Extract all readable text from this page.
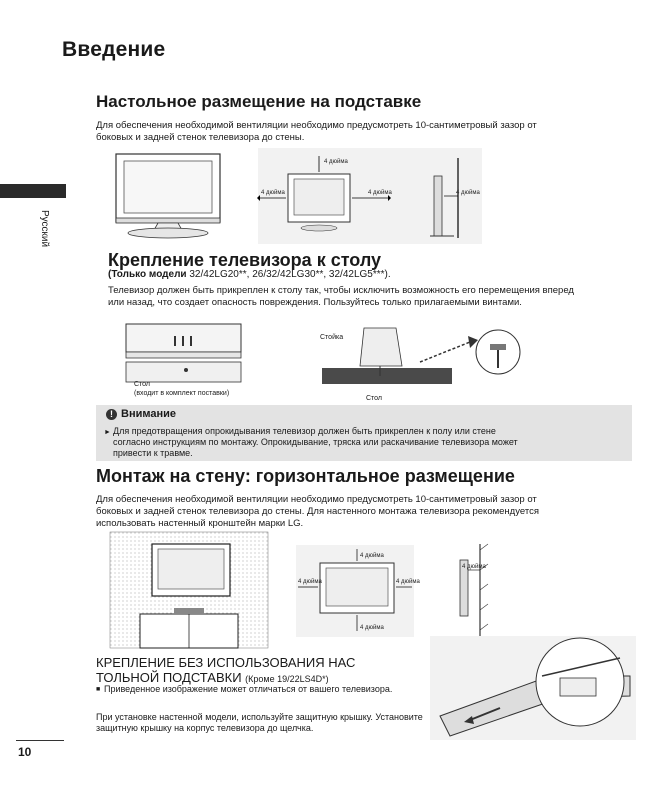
Введение
Русский
Настольное размещение на подставке
Для обеспечения необходимой вентиляции необходимо предусмотреть 10-сантиметровый зазор от боковых и задней стенок телевизора до стены.
4 дюйма
4 дюйма	4 дюйма	4 дюйма
Крепление телевизора к столу
(Только модели 32/42LG20**, 26/32/42LG30**, 32/42LG5***).
Телевизор должен быть прикреплен к столу так, чтобы исключить возможность его перемещения вперед или назад, что создает опасность повреждения. Пользуйтесь только прилагаемыми винтами.
Стол
(входит в комплект поставки)
Стойка
Стол
! Внимание
► Для предотвращения опрокидывания телевизор должен быть прикреплен к полу или стене согласно инструкциям по монтажу. Опрокидывание, тряска или раскачивание телевизора может привести к травме.
Монтаж на стену: горизонтальное размещение
Для обеспечения необходимой вентиляции необходимо предусмотреть 10-сантиметровый зазор от боковых и задней стенок телевизора до стены. Для настенного монтажа телевизора рекомендуется использовать настенный кронштейн марки LG.
4 дюйма
4 дюйма	4 дюйма
4 дюйма
4 дюйма
КРЕПЛЕНИЕ БЕЗ ИСПОЛЬЗОВАНИЯ НАС
ТОЛЬНОЙ ПОДСТАВКИ (Кроме 19/22LS4D*)
■ Приведенное изображение может отличаться от вашего телевизора.
При установке настенной модели, используйте защитную крышку. Установите защитную крышку на корпус телевизора до щелчка.
10
